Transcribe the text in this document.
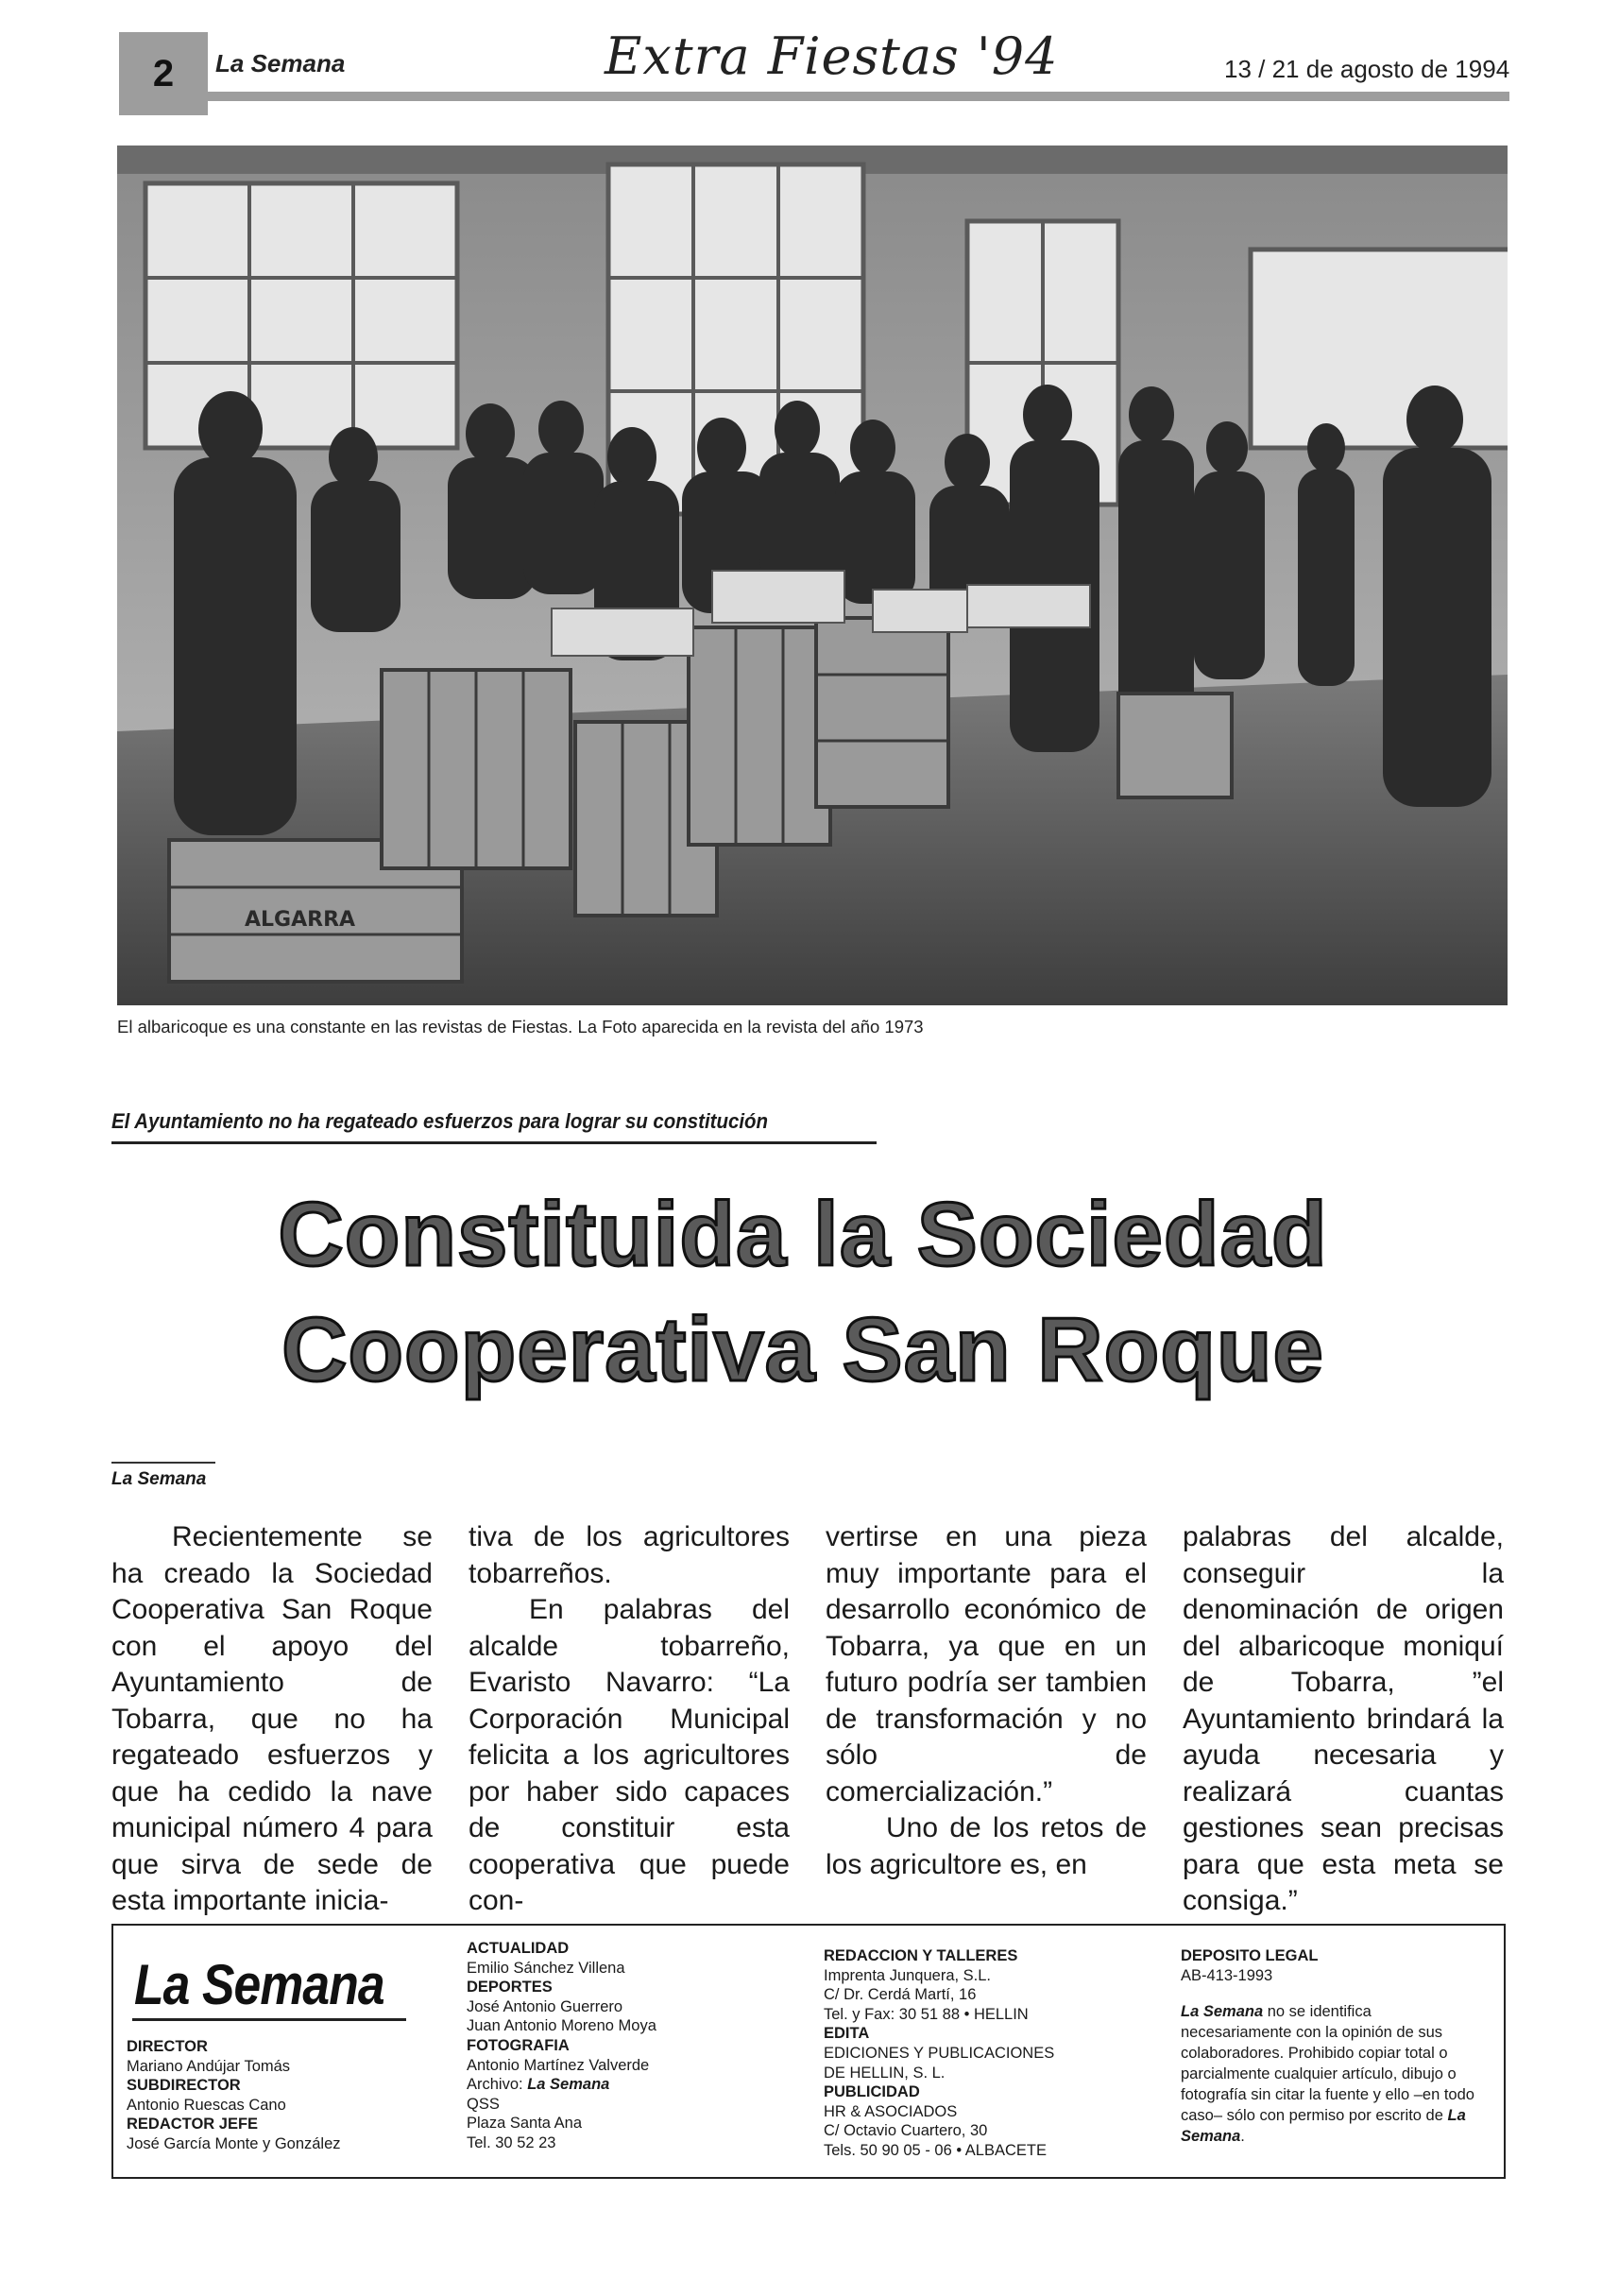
2	La Semana	Extra Fiestas '94	13 / 21 de agosto de 1994
ALGARRA
El albaricoque es una constante en las revistas de Fiestas. La Foto aparecida en la revista del año 1973
El Ayuntamiento no ha regateado esfuerzos para lograr su constitución
Constituida la Sociedad
Cooperativa San Roque
La Semana

Recientemente se ha creado la Sociedad Cooperativa San Roque con el apoyo del Ayuntamiento de Tobarra, que no ha regateado esfuerzos y que ha cedido la nave municipal número 4 para que sirva de sede de esta importante inicia-

tiva de los agricultores tobarreños.

En palabras del alcalde tobarreño, Evaristo Navarro: “La Corporación Municipal felicita a los agricultores por haber sido capaces de constituir esta cooperativa que puede con-

vertirse en una pieza muy importante para el desarrollo económico de Tobarra, ya que en un futuro podría ser tambien de transformación y no sólo de comercialización.”

Uno de los retos de los agricultore es, en

palabras del alcalde, conseguir la denominación de origen del albaricoque moniquí de Tobarra, ”el Ayuntamiento brindará la ayuda necesaria y realizará cuantas gestiones sean precisas para que esta meta se consiga.”

La Semana
DIRECTOR
Mariano Andújar Tomás
SUBDIRECTOR
Antonio Ruescas Cano
REDACTOR JEFE
José García Monte y González
ACTUALIDAD
Emilio Sánchez Villena
DEPORTES
José Antonio Guerrero
Juan Antonio Moreno Moya
FOTOGRAFIA
Antonio Martínez Valverde
Archivo: La Semana
QSS
Plaza Santa Ana
Tel. 30 52 23
REDACCION Y TALLERES
Imprenta Junquera, S.L.
C/ Dr. Cerdá Martí, 16
Tel. y Fax: 30 51 88 • HELLIN
EDITA
EDICIONES Y PUBLICACIONES
DE HELLIN, S. L.
PUBLICIDAD
HR & ASOCIADOS
C/ Octavio Cuartero, 30
Tels. 50 90 05 - 06 • ALBACETE
DEPOSITO LEGAL
AB-413-1993
La Semana no se identifica necesariamente con la opinión de sus colaboradores. Prohibido copiar total o parcialmente cualquier artículo, dibujo o fotografía sin citar la fuente y ello –en todo caso– sólo con permiso por escrito de La Semana.
